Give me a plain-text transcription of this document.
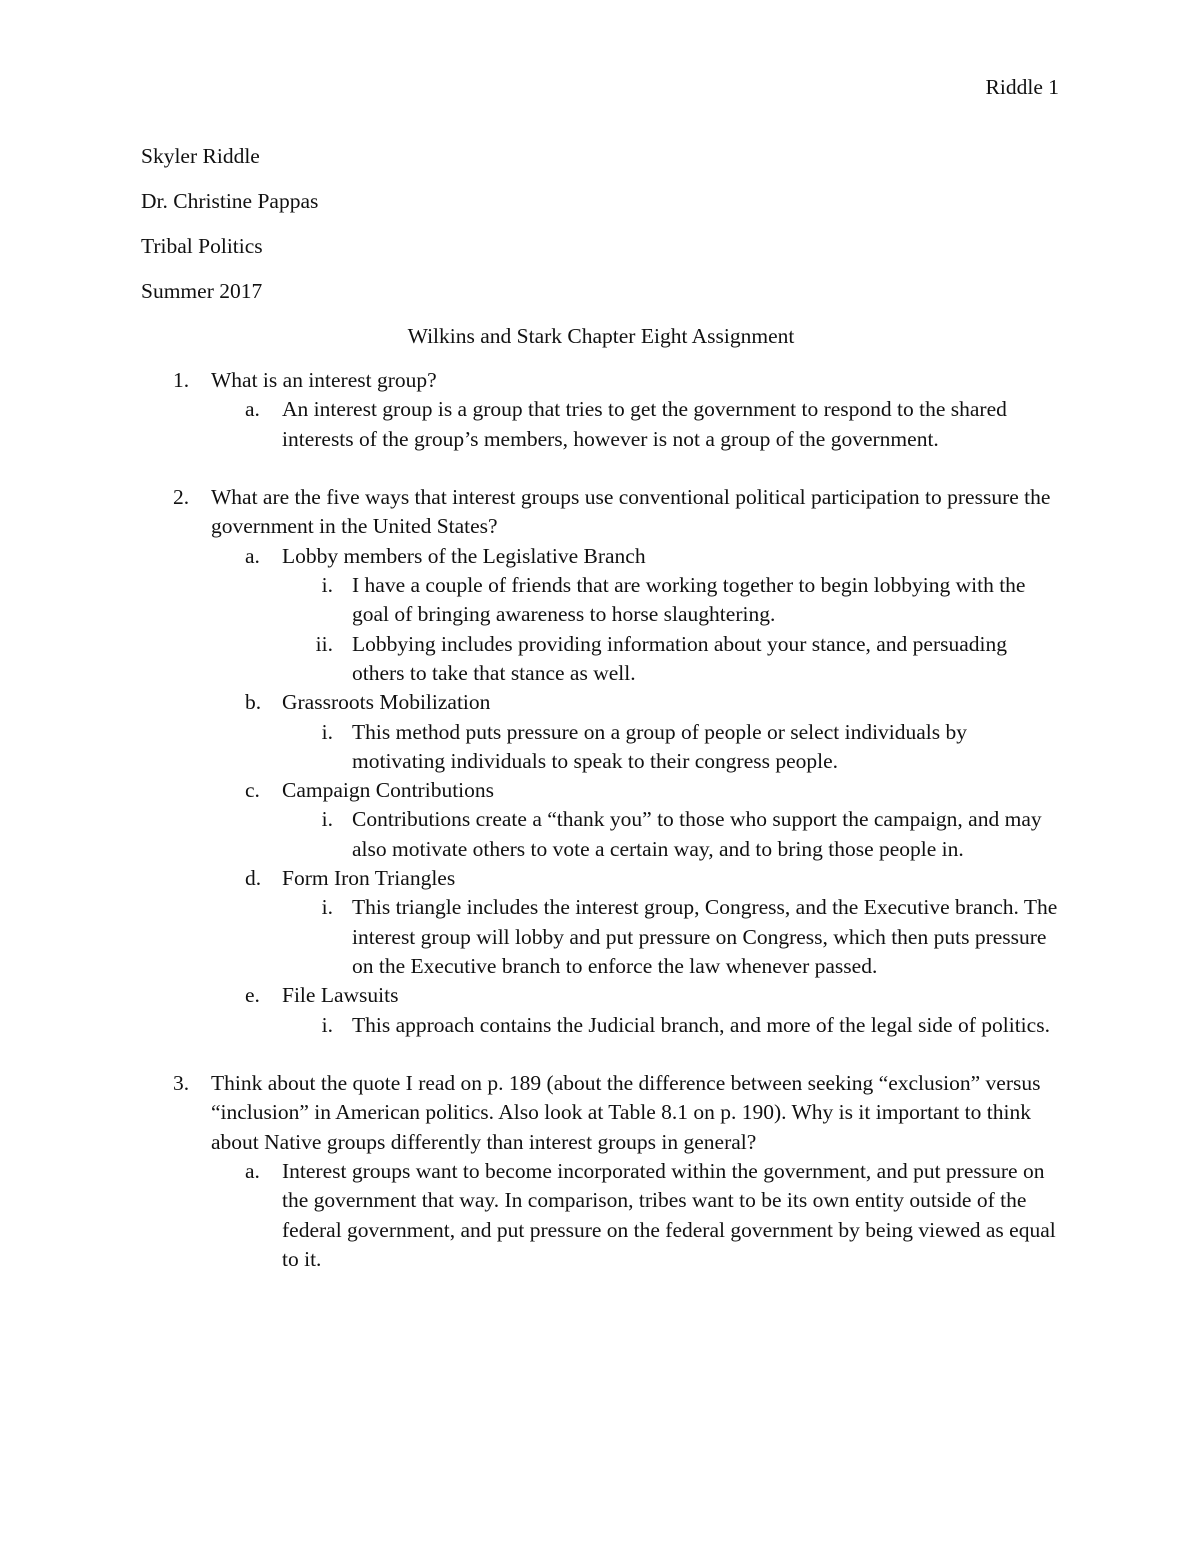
Riddle 1
Skyler Riddle
Dr. Christine Pappas
Tribal Politics
Summer 2017
Wilkins and Stark Chapter Eight Assignment
1. What is an interest group?
a. An interest group is a group that tries to get the government to respond to the shared interests of the group’s members, however is not a group of the government.
2. What are the five ways that interest groups use conventional political participation to pressure the government in the United States?
a. Lobby members of the Legislative Branch
i. I have a couple of friends that are working together to begin lobbying with the goal of bringing awareness to horse slaughtering.
ii. Lobbying includes providing information about your stance, and persuading others to take that stance as well.
b. Grassroots Mobilization
i. This method puts pressure on a group of people or select individuals by motivating individuals to speak to their congress people.
c. Campaign Contributions
i. Contributions create a “thank you” to those who support the campaign, and may also motivate others to vote a certain way, and to bring those people in.
d. Form Iron Triangles
i. This triangle includes the interest group, Congress, and the Executive branch. The interest group will lobby and put pressure on Congress, which then puts pressure on the Executive branch to enforce the law whenever passed.
e. File Lawsuits
i. This approach contains the Judicial branch, and more of the legal side of politics.
3. Think about the quote I read on p. 189 (about the difference between seeking “exclusion” versus “inclusion” in American politics. Also look at Table 8.1 on p. 190). Why is it important to think about Native groups differently than interest groups in general?
a. Interest groups want to become incorporated within the government, and put pressure on the government that way. In comparison, tribes want to be its own entity outside of the federal government, and put pressure on the federal government by being viewed as equal to it.
